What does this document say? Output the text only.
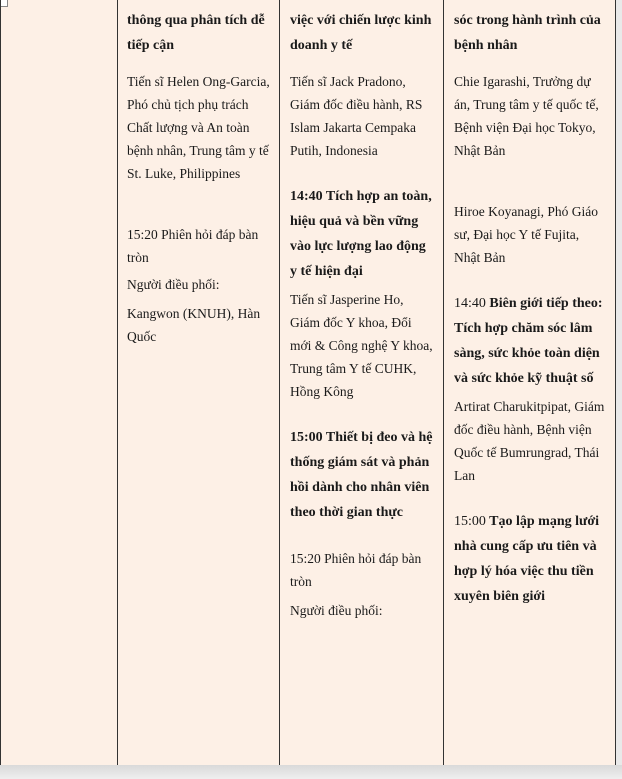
thông qua phân tích dễ tiếp cận

Tiến sĩ Helen Ong-Garcia, Phó chủ tịch phụ trách Chất lượng và An toàn bệnh nhân, Trung tâm y tế St. Luke, Philippines

15:20 Phiên hỏi đáp bàn tròn

Người điều phối:

Kangwon (KNUH), Hàn Quốc

việc với chiến lược kinh doanh y tế

Tiến sĩ Jack Pradono, Giám đốc điều hành, RS Islam Jakarta Cempaka Putih, Indonesia

14:40 Tích hợp an toàn, hiệu quả và bền vững vào lực lượng lao động y tế hiện đại

Tiến sĩ Jasperine Ho, Giám đốc Y khoa, Đổi mới & Công nghệ Y khoa, Trung tâm Y tế CUHK, Hồng Kông

15:00 Thiết bị đeo và hệ thống giám sát và phản hồi dành cho nhân viên theo thời gian thực

15:20 Phiên hỏi đáp bàn tròn

Người điều phối:

sóc trong hành trình của bệnh nhân

Chie Igarashi, Trưởng dự án, Trung tâm y tế quốc tế, Bệnh viện Đại học Tokyo, Nhật Bản

Hiroe Koyanagi, Phó Giáo sư, Đại học Y tế Fujita, Nhật Bản

14:40 Biên giới tiếp theo: Tích hợp chăm sóc lâm sàng, sức khỏe toàn diện và sức khỏe kỹ thuật số

Artirat Charukitpipat, Giám đốc điều hành, Bệnh viện Quốc tế Bumrungrad, Thái Lan

15:00 Tạo lập mạng lưới nhà cung cấp ưu tiên và hợp lý hóa việc thu tiền xuyên biên giới
